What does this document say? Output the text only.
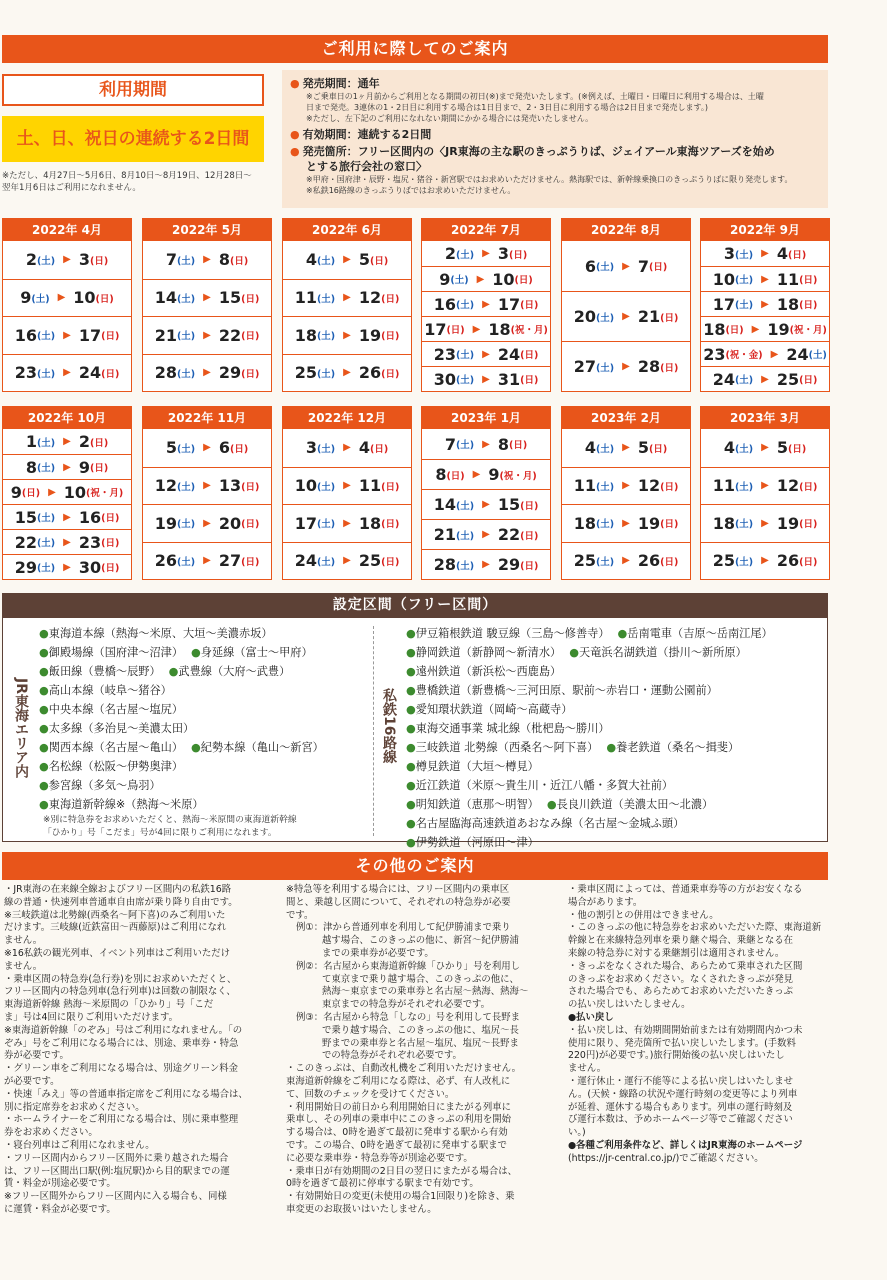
ご利用に際してのご案内
利用期間
土、日、祝日の連続する2日間
※ただし、4月27日～5月6日、8月10日～8月19日、12月28日～
翌年1月6日はご利用になれません。
● 発売期間：通年
※ご乗車日の1ヶ月前からご利用となる期間の初日(※)まで発売いたします。(※例えば、土曜日・日曜日に利用する場合は、土曜
日まで発売。3連休の1・2日目に利用する場合は1日目まで、2・3日目に利用する場合は2日目まで発売します。)
※ただし、左下記のご利用になれない期間にかかる場合には発売いたしません。
● 有効期間：連続する2日間
● 発売箇所：フリー区間内の〈JR東海の主な駅のきっぷうりば、ジェイアール東海ツアーズを始め
とする旅行会社の窓口〉
※甲府・国府津・辰野・塩尻・猪谷・新宮駅ではお求めいただけません。熱海駅では、新幹線乗換口のきっぷうりばに限り発売します。
※私鉄16路線のきっぷうりばではお求めいただけません。
2022年 4月
2 (土) ▶ 3 (日)
9 (土) ▶ 10 (日)
16 (土) ▶ 17 (日)
23 (土) ▶ 24 (日)
2022年 5月
7 (土) ▶ 8 (日)
14 (土) ▶ 15 (日)
21 (土) ▶ 22 (日)
28 (土) ▶ 29 (日)
2022年 6月
4 (土) ▶ 5 (日)
11 (土) ▶ 12 (日)
18 (土) ▶ 19 (日)
25 (土) ▶ 26 (日)
2022年 7月
2 (土) ▶ 3 (日)
9 (土) ▶ 10 (日)
16 (土) ▶ 17 (日)
17 (日) ▶ 18 (祝・月)
23 (土) ▶ 24 (日)
30 (土) ▶ 31 (日)
2022年 8月
6 (土) ▶ 7 (日)
20 (土) ▶ 21 (日)
27 (土) ▶ 28 (日)
2022年 9月
3 (土) ▶ 4 (日)
10 (土) ▶ 11 (日)
17 (土) ▶ 18 (日)
18 (日) ▶ 19 (祝・月)
23 (祝・金) ▶ 24 (土)
24 (土) ▶ 25 (日)
2022年 10月
1 (土) ▶ 2 (日)
8 (土) ▶ 9 (日)
9 (日) ▶ 10 (祝・月)
15 (土) ▶ 16 (日)
22 (土) ▶ 23 (日)
29 (土) ▶ 30 (日)
2022年 11月
5 (土) ▶ 6 (日)
12 (土) ▶ 13 (日)
19 (土) ▶ 20 (日)
26 (土) ▶ 27 (日)
2022年 12月
3 (土) ▶ 4 (日)
10 (土) ▶ 11 (日)
17 (土) ▶ 18 (日)
24 (土) ▶ 25 (日)
2023年 1月
7 (土) ▶ 8 (日)
8 (日) ▶ 9 (祝・月)
14 (土) ▶ 15 (日)
21 (土) ▶ 22 (日)
28 (土) ▶ 29 (日)
2023年 2月
4 (土) ▶ 5 (日)
11 (土) ▶ 12 (日)
18 (土) ▶ 19 (日)
25 (土) ▶ 26 (日)
2023年 3月
4 (土) ▶ 5 (日)
11 (土) ▶ 12 (日)
18 (土) ▶ 19 (日)
25 (土) ▶ 26 (日)
設定区間（フリー区間）
JR東海エリア内
●東海道本線（熱海～米原、大垣～美濃赤坂）
●御殿場線（国府津～沼津） ●身延線（富士～甲府）
●飯田線（豊橋～辰野） ●武豊線（大府～武豊）
●高山本線（岐阜～猪谷）
●中央本線（名古屋～塩尻）
●太多線（多治見～美濃太田）
●関西本線（名古屋～亀山） ●紀勢本線（亀山～新宮）
●名松線（松阪～伊勢奥津）
●参宮線（多気～鳥羽）
●東海道新幹線※（熱海～米原）
※別に特急券をお求めいただくと、熱海～米原間の東海道新幹線
「ひかり」号「こだま」号が4回に限りご利用になれます。
私鉄16路線
●伊豆箱根鉄道 駿豆線（三島～修善寺） ●岳南電車（吉原～岳南江尾）
●静岡鉄道（新静岡～新清水） ●天竜浜名湖鉄道（掛川～新所原）
●遠州鉄道（新浜松～西鹿島）
●豊橋鉄道（新豊橋～三河田原、駅前～赤岩口・運動公園前）
●愛知環状鉄道（岡崎～高蔵寺）
●東海交通事業 城北線（枇杷島～勝川）
●三岐鉄道 北勢線（西桑名～阿下喜） ●養老鉄道（桑名～揖斐）
●樽見鉄道（大垣～樽見）
●近江鉄道（米原～貴生川・近江八幡・多賀大社前）
●明知鉄道（恵那～明智） ●長良川鉄道（美濃太田～北濃）
●名古屋臨海高速鉄道あおなみ線（名古屋～金城ふ頭）
●伊勢鉄道（河原田～津）
その他のご案内

・JR東海の在来線全線およびフリー区間内の私鉄16路

線の普通・快速列車普通車自由席が乗り降り自由です。

※三岐鉄道は北勢線(西桑名～阿下喜)のみご利用いた

だけます。三岐線(近鉄富田～西藤原)はご利用になれ

ません。

※16私鉄の観光列車、イベント列車はご利用いただけ

ません。

・乗車区間の特急券(急行券)を別にお求めいただくと、

フリー区間内の特急列車(急行列車)は回数の制限なく、

東海道新幹線 熱海～米原間の「ひかり」号「こだ

ま」号は4回に限りご利用いただけます。

※東海道新幹線「のぞみ」号はご利用になれません。「の

ぞみ」号をご利用になる場合には、別途、乗車券・特急

券が必要です。

・グリーン車をご利用になる場合は、別途グリーン料金

が必要です。

・快速「みえ」等の普通車指定席をご利用になる場合は、

別に指定席券をお求めください。

・ホームライナーをご利用になる場合は、別に乗車整理

券をお求めください。

・寝台列車はご利用になれません。

・フリー区間内からフリー区間外に乗り越された場合

は、フリー区間出口駅(例:塩尻駅)から目的駅までの運

賃・料金が別途必要です。

※フリー区間外からフリー区間内に入る場合も、同様

に運賃・料金が必要です。

※特急等を利用する場合には、フリー区間内の乗車区

間と、乗越し区間について、それぞれの特急券が必要

です。

例①：津から普通列車を利用して紀伊勝浦まで乗り

越す場合、このきっぷの他に、新宮～紀伊勝浦

までの乗車券が必要です。

例②：名古屋から東海道新幹線「ひかり」号を利用し

て東京まで乗り越す場合、このきっぷの他に、

熱海～東京までの乗車券と名古屋～熱海、熱海～

東京までの特急券がそれぞれ必要です。

例③：名古屋から特急「しなの」号を利用して長野ま

で乗り越す場合、このきっぷの他に、塩尻～長

野までの乗車券と名古屋～塩尻、塩尻～長野ま

での特急券がそれぞれ必要です。

・このきっぷは、自動改札機をご利用いただけません。

東海道新幹線をご利用になる際は、必ず、有人改札に

て、回数のチェックを受けてください。

・利用開始日の前日から利用開始日にまたがる列車に

乗車し、その列車の乗車中にこのきっぷの利用を開始

する場合は、0時を過ぎて最初に発車する駅から有効

です。この場合、0時を過ぎて最初に発車する駅まで

に必要な乗車券・特急券等が別途必要です。

・乗車日が有効期間の2日目の翌日にまたがる場合は、

0時を過ぎて最初に停車する駅まで有効です。

・有効開始日の変更(未使用の場合1回限り)を除き、乗

車変更のお取扱いはいたしません。

・乗車区間によっては、普通乗車券等の方がお安くなる

場合があります。

・他の割引との併用はできません。

・このきっぷの他に特急券をお求めいただいた際、東海道新

幹線と在来線特急列車を乗り継ぐ場合、乗継となる在

来線の特急券に対する乗継割引は適用されません。

・きっぷをなくされた場合、あらためて乗車された区間

のきっぷをお求めください。なくされたきっぷが発見

された場合でも、あらためてお求めいただいたきっぷ

の払い戻しはいたしません。

●払い戻し

・払い戻しは、有効期間開始前または有効期間内かつ未

使用に限り、発売箇所で払い戻しいたします。(手数料

220円)が必要です。)旅行開始後の払い戻しはいたし

ません。

・運行休止・運行不能等による払い戻しはいたしませ

ん。(天候・線路の状況や運行時刻の変更等により列車

が延着、運休する場合もあります。列車の運行時刻及

び運行本数は、予めホームページ等でご確認ください

い。)

●各種ご利用条件など、詳しくはJR東海のホームページ

(https://jr-central.co.jp/)でご確認ください。
